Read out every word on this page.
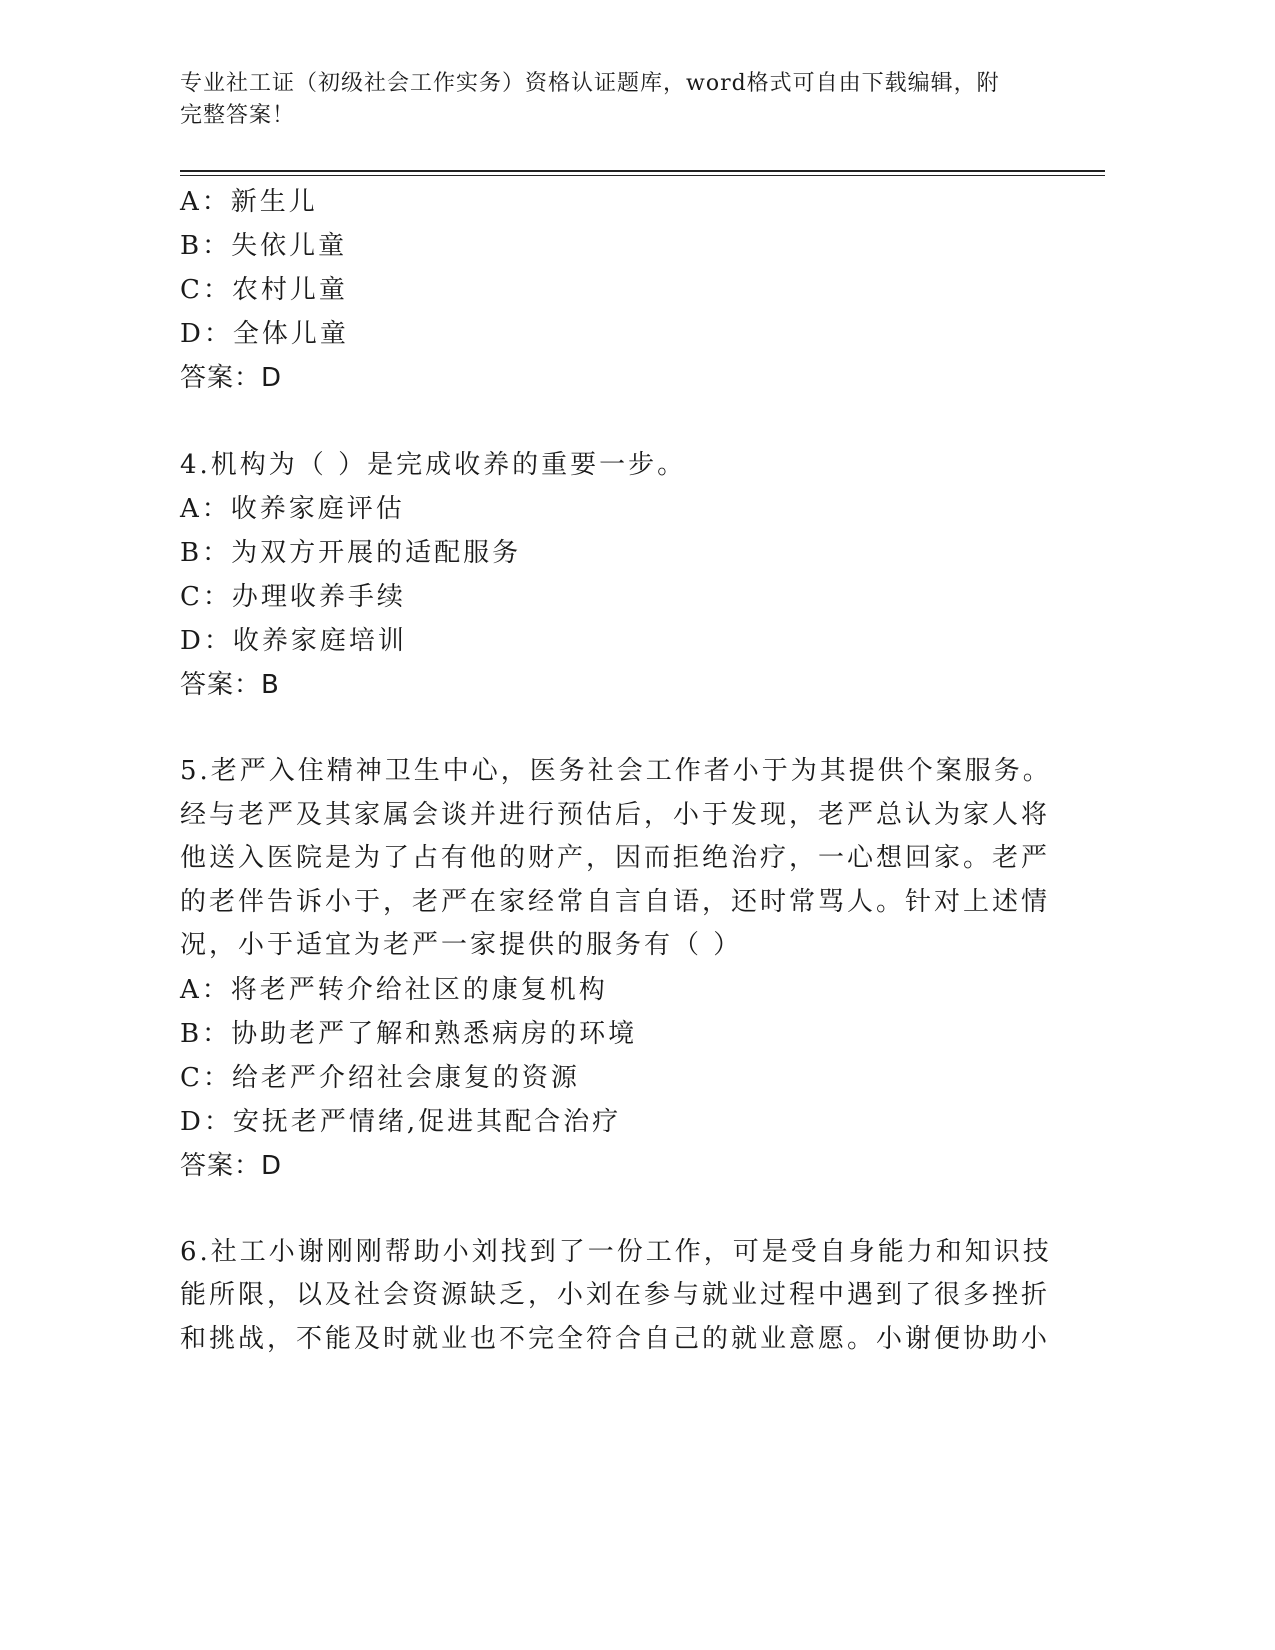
专业社工证（初级社会工作实务）资格认证题库，word格式可自由下载编辑，附
完整答案！
A：新生儿
B：失依儿童
C：农村儿童
D：全体儿童
答案：D
4.机构为（ ）是完成收养的重要一步。
A：收养家庭评估
B：为双方开展的适配服务
C：办理收养手续
D：收养家庭培训
答案：B
5.老严入住精神卫生中心，医务社会工作者小于为其提供个案服务。
经与老严及其家属会谈并进行预估后，小于发现，老严总认为家人将
他送入医院是为了占有他的财产，因而拒绝治疗，一心想回家。老严
的老伴告诉小于，老严在家经常自言自语，还时常骂人。针对上述情
况，小于适宜为老严一家提供的服务有（ ）
A：将老严转介给社区的康复机构
B：协助老严了解和熟悉病房的环境
C：给老严介绍社会康复的资源
D：安抚老严情绪,促进其配合治疗
答案：D
6.社工小谢刚刚帮助小刘找到了一份工作，可是受自身能力和知识技
能所限，以及社会资源缺乏，小刘在参与就业过程中遇到了很多挫折
和挑战，不能及时就业也不完全符合自己的就业意愿。小谢便协助小
